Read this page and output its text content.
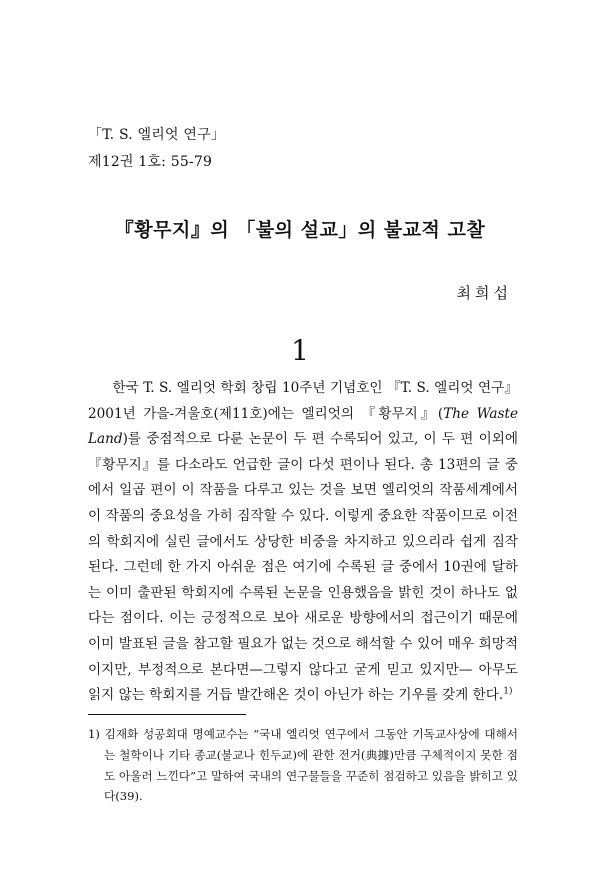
「T. S. 엘리엇 연구」
제12권 1호: 55-79
『황무지』의 「불의 설교」의 불교적 고찰
최희섭
1

한국 T. S. 엘리엇 학회 창립 10주년 기념호인 『T. S. 엘리엇 연구』 2001년 가을-겨울호(제11호)에는 엘리엇의 『황무지』(The Waste Land)를 중점적으로 다룬 논문이 두 편 수록되어 있고, 이 두 편 이외에 『황무지』를 다소라도 언급한 글이 다섯 편이나 된다. 총 13편의 글 중에서 일곱 편이 이 작품을 다루고 있는 것을 보면 엘리엇의 작품세계에서 이 작품의 중요성을 가히 짐작할 수 있다. 이렇게 중요한 작품이므로 이전의 학회지에 실린 글에서도 상당한 비중을 차지하고 있으리라 쉽게 짐작된다. 그런데 한 가지 아쉬운 점은 여기에 수록된 글 중에서 10권에 달하는 이미 출판된 학회지에 수록된 논문을 인용했음을 밝힌 것이 하나도 없다는 점이다. 이는 긍정적으로 보아 새로운 방향에서의 접근이기 때문에 이미 발표된 글을 참고할 필요가 없는 것으로 해석할 수 있어 매우 희망적이지만, 부정적으로 본다면—그렇지 않다고 굳게 믿고 있지만— 아무도 읽지 않는 학회지를 거듭 발간해온 것이 아닌가 하는 기우를 갖게 한다.$^{1)}$

1) 김재화 성공회대 명예교수는 “국내 엘리엇 연구에서 그동안 기독교사상에 대해서는 철학이나 기타 종교(불교나 힌두교)에 관한 전거(典據)만큼 구체적이지 못한 점도 아울러 느낀다”고 말하여 국내의 연구물들을 꾸준히 점검하고 있음을 밝히고 있다(39).
